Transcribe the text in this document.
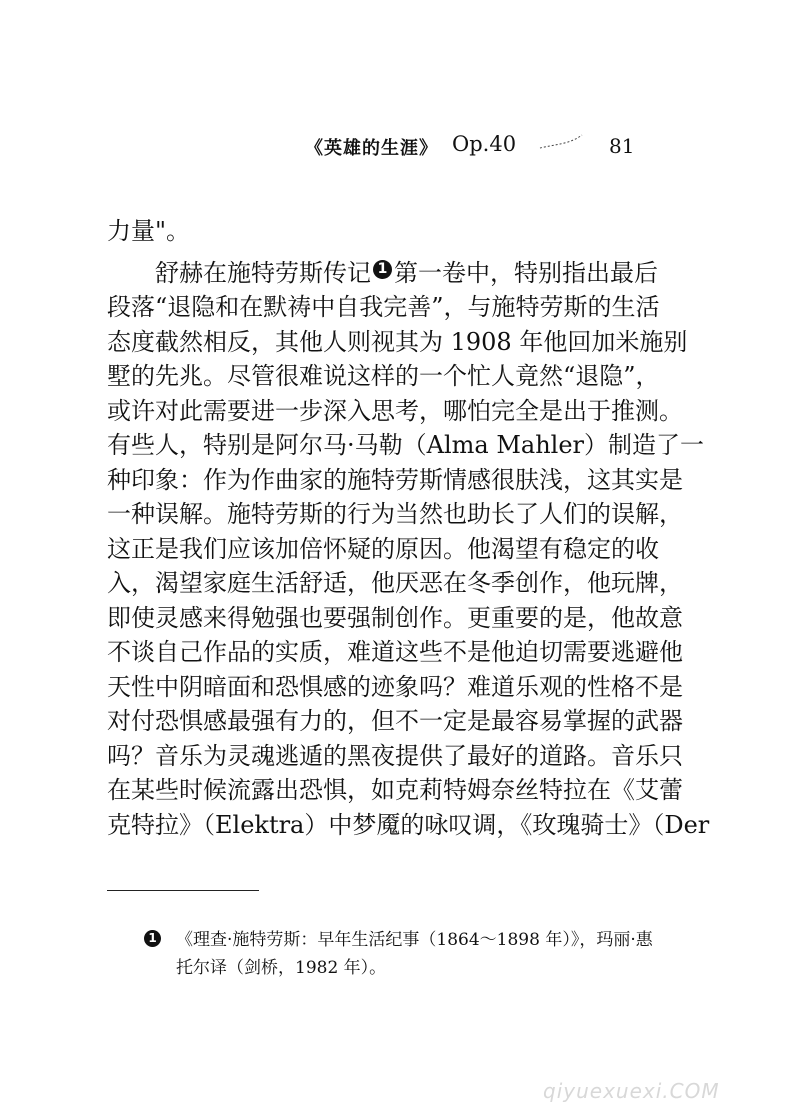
《英雄的生涯》 Op.40	81
力量"。
舒赫在施特劳斯传记 1 第一卷中，特别指出最后
段落“退隐和在默祷中自我完善”，与施特劳斯的生活
态度截然相反，其他人则视其为 1908 年他回加米施别
墅的先兆。尽管很难说这样的一个忙人竟然“退隐”，
或许对此需要进一步深入思考，哪怕完全是出于推测。
有些人，特别是阿尔马·马勒（Alma Mahler）制造了一
种印象：作为作曲家的施特劳斯情感很肤浅，这其实是
一种误解。施特劳斯的行为当然也助长了人们的误解，
这正是我们应该加倍怀疑的原因。他渴望有稳定的收
入，渴望家庭生活舒适，他厌恶在冬季创作，他玩牌，
即使灵感来得勉强也要强制创作。更重要的是，他故意
不谈自己作品的实质，难道这些不是他迫切需要逃避他
天性中阴暗面和恐惧感的迹象吗？难道乐观的性格不是
对付恐惧感最强有力的，但不一定是最容易掌握的武器
吗？音乐为灵魂逃遁的黑夜提供了最好的道路。音乐只
在某些时候流露出恐惧，如克莉特姆奈丝特拉在《艾蕾
克特拉》（Elektra）中梦魇的咏叹调，《玫瑰骑士》（Der
1 《理查·施特劳斯：早年生活纪事（1864～1898 年）》，玛丽·惠
托尔译（剑桥，1982 年）。
qiyuexuexi.COM
